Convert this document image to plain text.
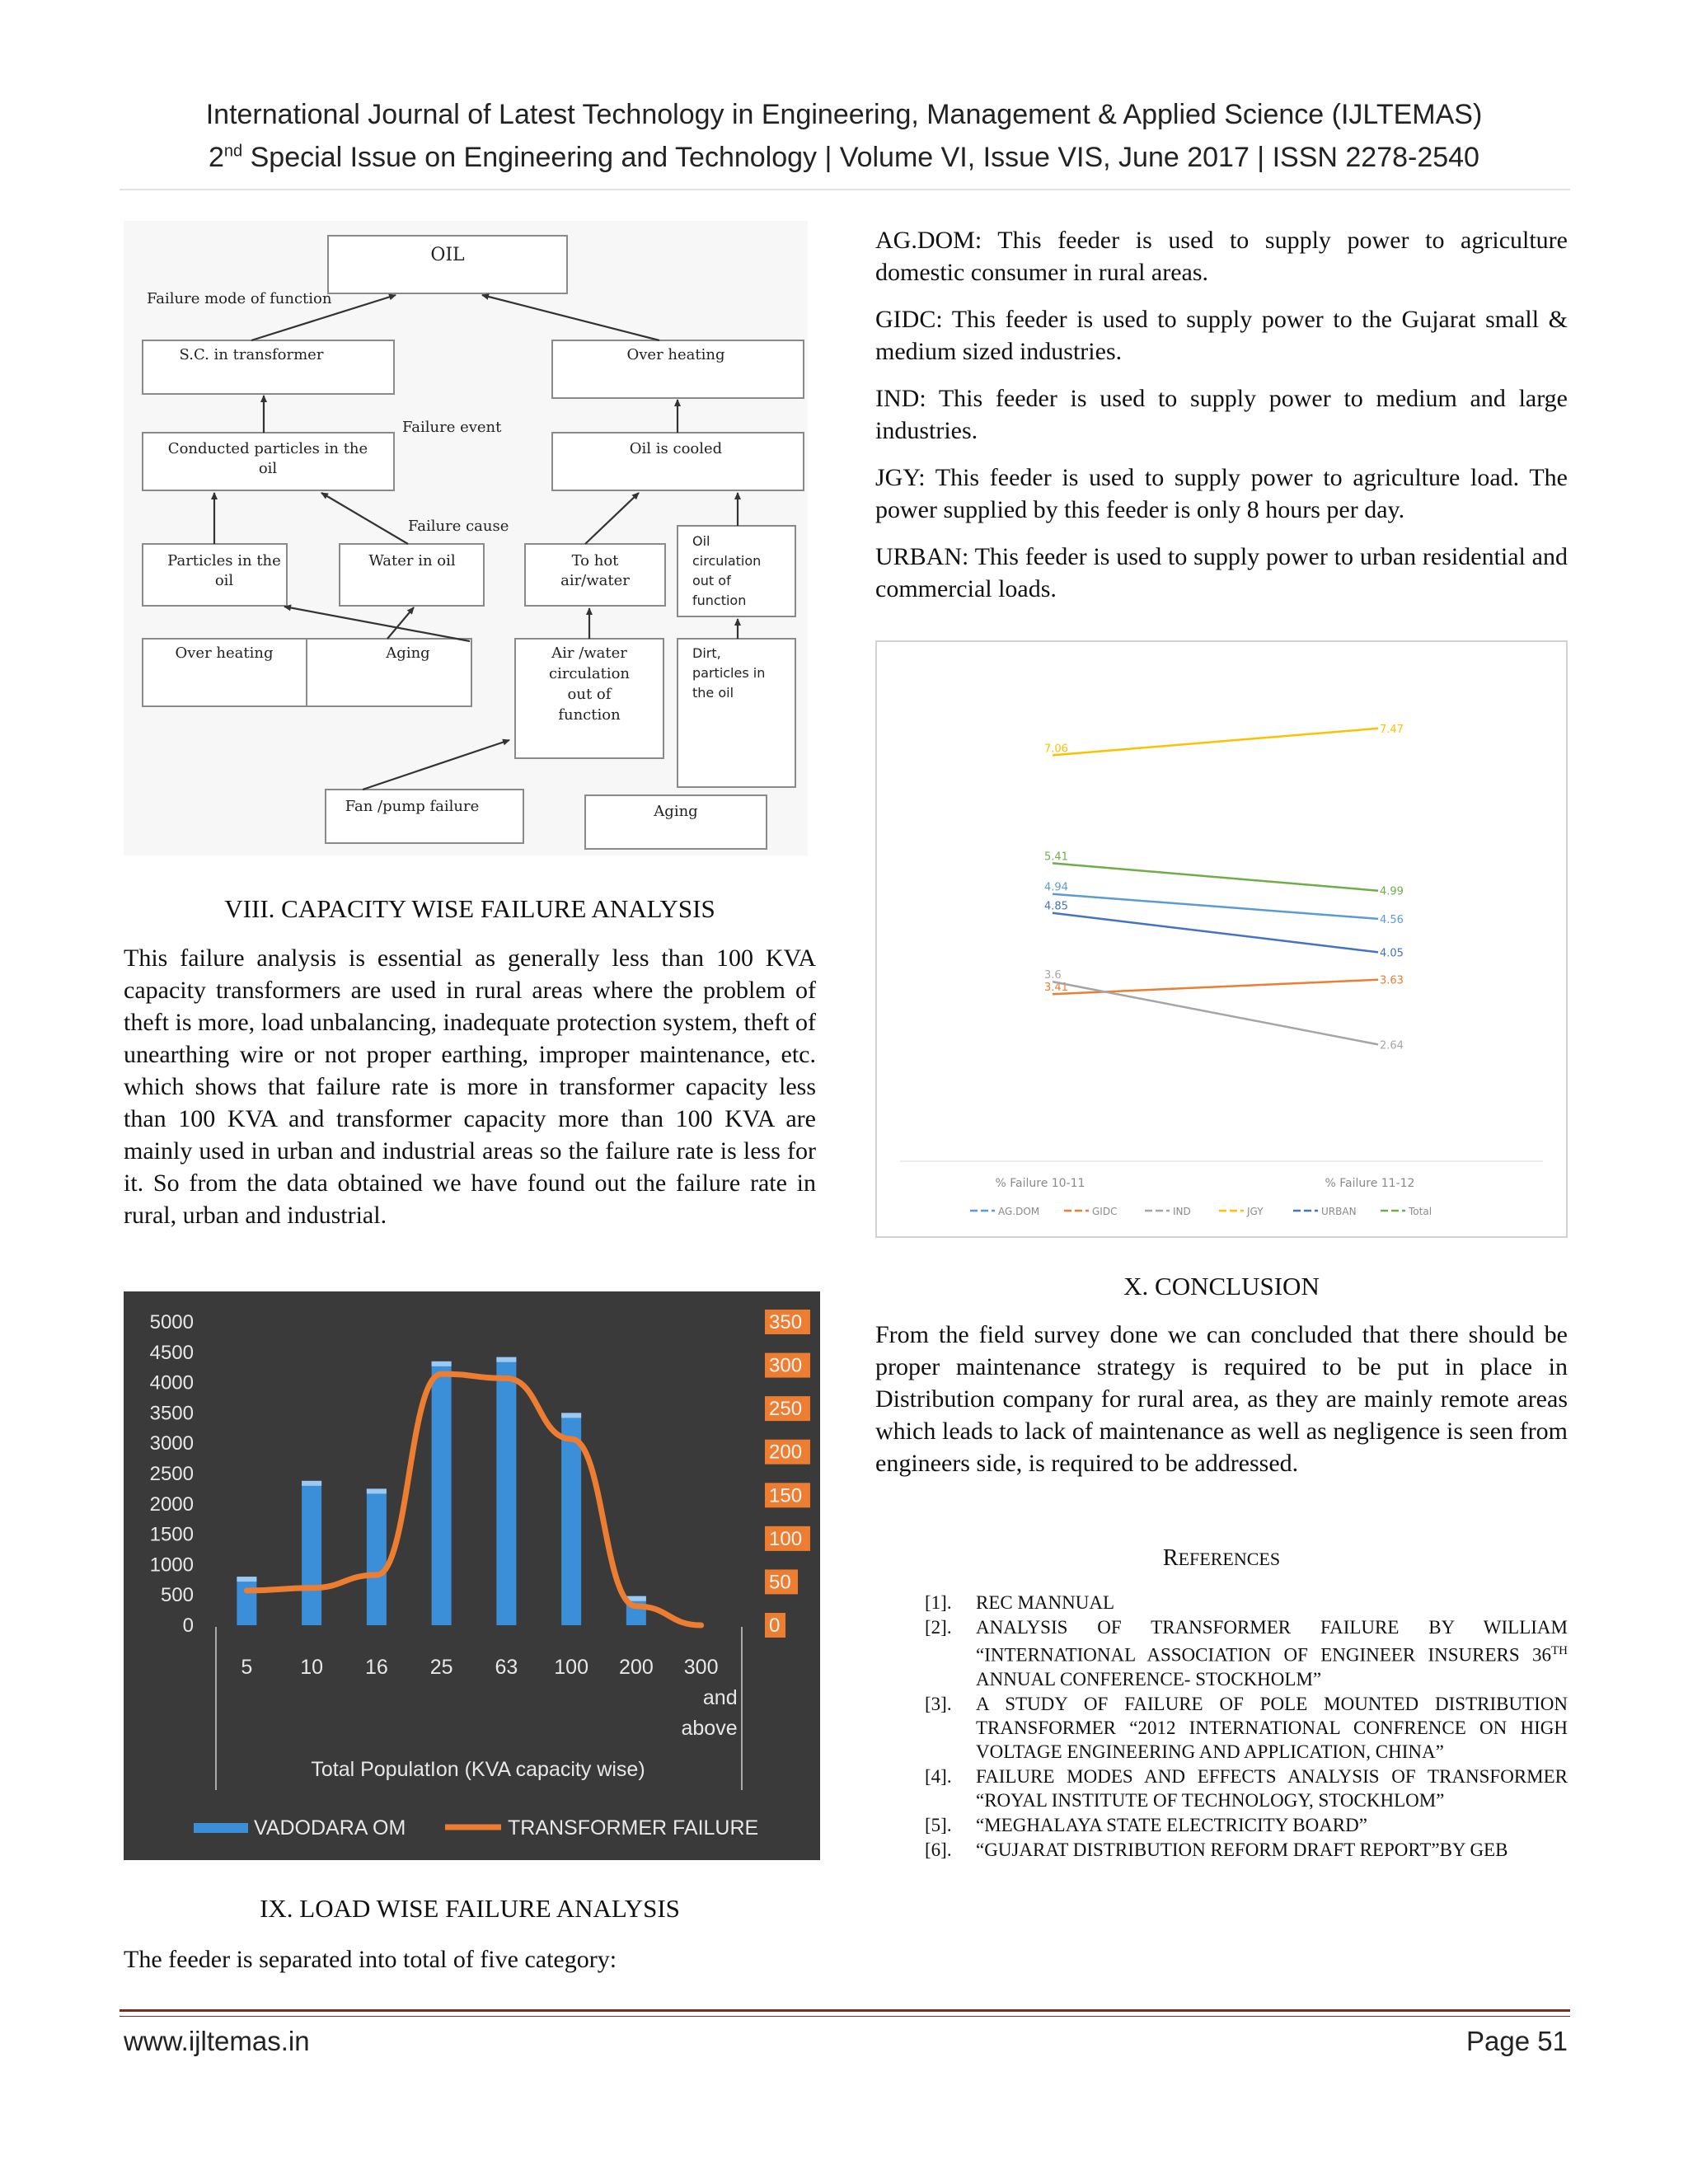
International Journal of Latest Technology in Engineering, Management & Applied Science (IJLTEMAS)
2nd Special Issue on Engineering and Technology | Volume VI, Issue VIS, June 2017 | ISSN 2278-2540
OIL
S.C. in transformer	Over heating
Conducted particles in the
oil
Oil is cooled
Particles in the
oil
Water in oil	To hot
air/water
Oil
circulation
out of
function
Over heating	Aging	Air /water
circulation
out of
function
Dirt,
particles in
the oil
Fan /pump failure	Aging
Failure mode of function
Failure event
Failure cause
VIII. CAPACITY WISE FAILURE ANALYSIS

This failure analysis is essential as generally less than 100 KVA capacity transformers are used in rural areas where the problem of theft is more, load unbalancing, inadequate protection system, theft of unearthing wire or not proper earthing, improper maintenance, etc. which shows that failure rate is more in transformer capacity less than 100 KVA and transformer capacity more than 100 KVA are mainly used in urban and industrial areas so the failure rate is less for it. So from the data obtained we have found out the failure rate in rural, urban and industrial.

0
500
1000
1500
2000
2500
3000
3500
4000
4500
5000
0
50
100
150
200
250
300
350
5 10 16 25 63 100 200 300
and
above
Total PopulatIon (KVA capacity wise)
VADODARA OM	TRANSFORMER FAILURE
IX. LOAD WISE FAILURE ANALYSIS

The feeder is separated into total of five category:

AG.DOM: This feeder is used to supply power to agriculture domestic consumer in rural areas.

GIDC: This feeder is used to supply power to the Gujarat small & medium sized industries.

IND: This feeder is used to supply power to medium and large industries.

JGY: This feeder is used to supply power to agriculture load. The power supplied by this feeder is only 8 hours per day.

URBAN: This feeder is used to supply power to urban residential and commercial loads.

4.94
4.56
3.41
3.63
3.6
2.64
7.06
7.47
4.85
4.05
5.41
4.99
% Failure 10-11	% Failure 11-12
AG.DOM	GIDC	IND	JGY	URBAN	Total
X. CONCLUSION

From the field survey done we can concluded that there should be proper maintenance strategy is required to be put in place in Distribution company for rural area, as they are mainly remote areas which leads to lack of maintenance as well as negligence is seen from engineers side, is required to be addressed.

REFERENCES
[1].	REC MANNUAL
[2].	ANALYSIS OF TRANSFORMER FAILURE BY WILLIAM “INTERNATIONAL ASSOCIATION OF ENGINEER INSURERS 36TH ANNUAL CONFERENCE- STOCKHOLM”
[3].	A STUDY OF FAILURE OF POLE MOUNTED DISTRIBUTION TRANSFORMER “2012 INTERNATIONAL CONFRENCE ON HIGH VOLTAGE ENGINEERING AND APPLICATION, CHINA”
[4].	FAILURE MODES AND EFFECTS ANALYSIS OF TRANSFORMER “ROYAL INSTITUTE OF TECHNOLOGY, STOCKHLOM”
[5].	“MEGHALAYA STATE ELECTRICITY BOARD”
[6].	“GUJARAT DISTRIBUTION REFORM DRAFT REPORT”BY GEB
www.ijltemas.in	Page 51
